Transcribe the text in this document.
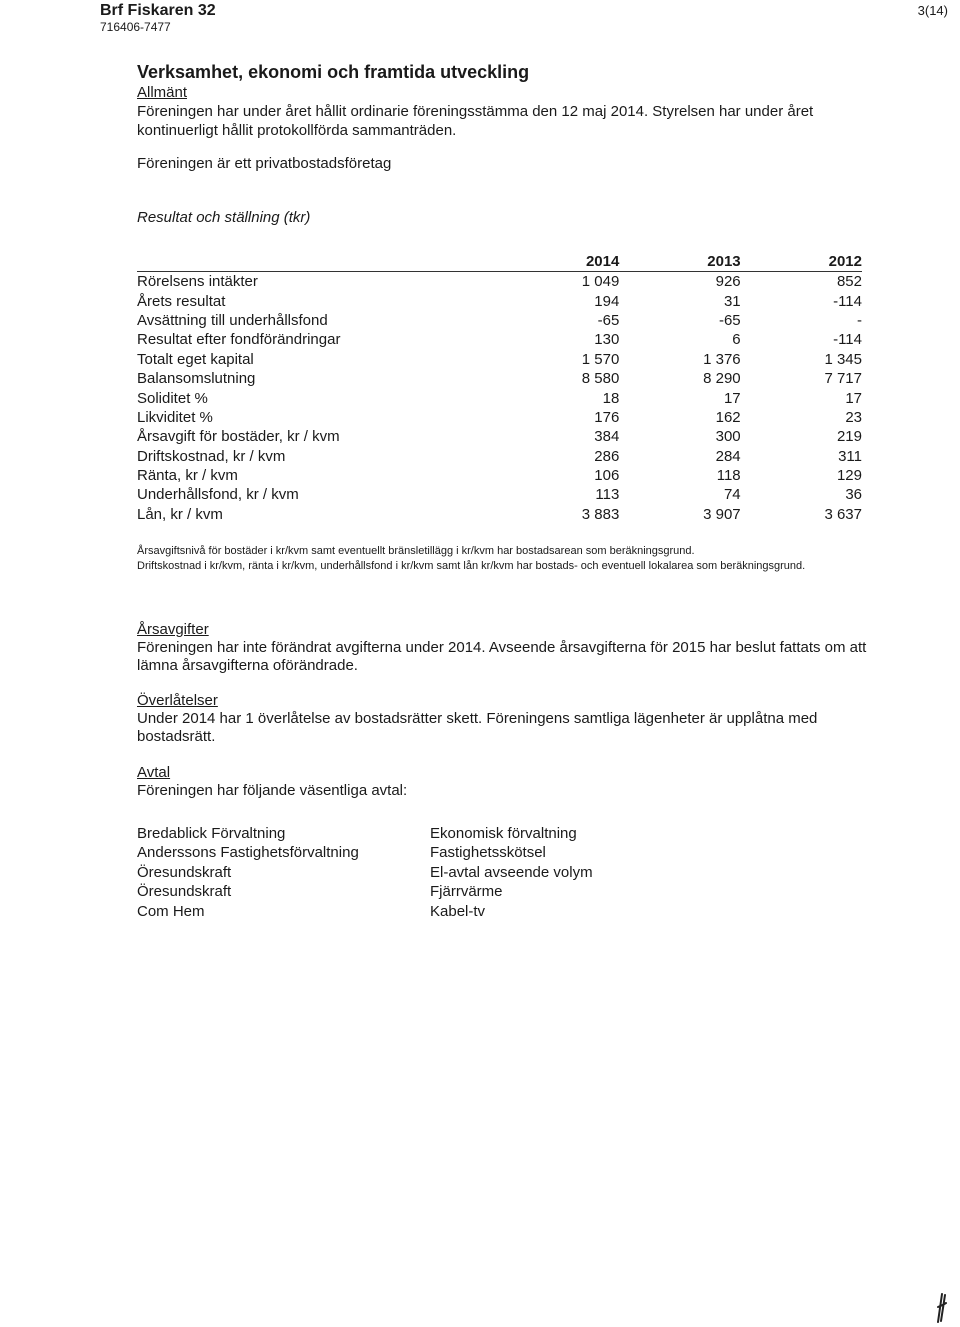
Brf Fiskaren 32
716406-7477
3(14)
Verksamhet, ekonomi och framtida utveckling
Allmänt
Föreningen har under året hållit ordinarie föreningsstämma den 12 maj 2014. Styrelsen har under året kontinuerligt hållit protokollförda sammanträden.
Föreningen är ett privatbostadsföretag
Resultat och ställning (tkr)
	2014	2013	2012
Rörelsens intäkter	1 049	926	852
Årets resultat	194	31	-114
Avsättning till underhållsfond	-65	-65	-
Resultat efter fondförändringar	130	6	-114
Totalt eget kapital	1 570	1 376	1 345
Balansomslutning	8 580	8 290	7 717
Soliditet %	18	17	17
Likviditet %	176	162	23
Årsavgift för bostäder, kr / kvm	384	300	219
Driftskostnad, kr / kvm	286	284	311
Ränta, kr / kvm	106	118	129
Underhållsfond, kr / kvm	113	74	36
Lån, kr / kvm	3 883	3 907	3 637
Årsavgiftsnivå för bostäder i kr/kvm samt eventuellt bränsletillägg i kr/kvm har bostadsarean som beräkningsgrund.
Driftskostnad i kr/kvm, ränta i kr/kvm, underhållsfond i kr/kvm samt lån kr/kvm har bostads- och eventuell lokalarea som beräkningsgrund.
Årsavgifter
Föreningen har inte förändrat avgifterna under 2014. Avseende årsavgifterna för 2015 har beslut fattats om att lämna årsavgifterna oförändrade.
Överlåtelser
Under 2014 har 1 överlåtelse av bostadsrätter skett. Föreningens samtliga lägenheter är upplåtna med bostadsrätt.
Avtal
Föreningen har följande väsentliga avtal:
Bredablick Förvaltning	Ekonomisk förvaltning
Anderssons Fastighetsförvaltning	Fastighetsskötsel
Öresundskraft	El-avtal avseende volym
Öresundskraft	Fjärrvärme
Com Hem	Kabel-tv
